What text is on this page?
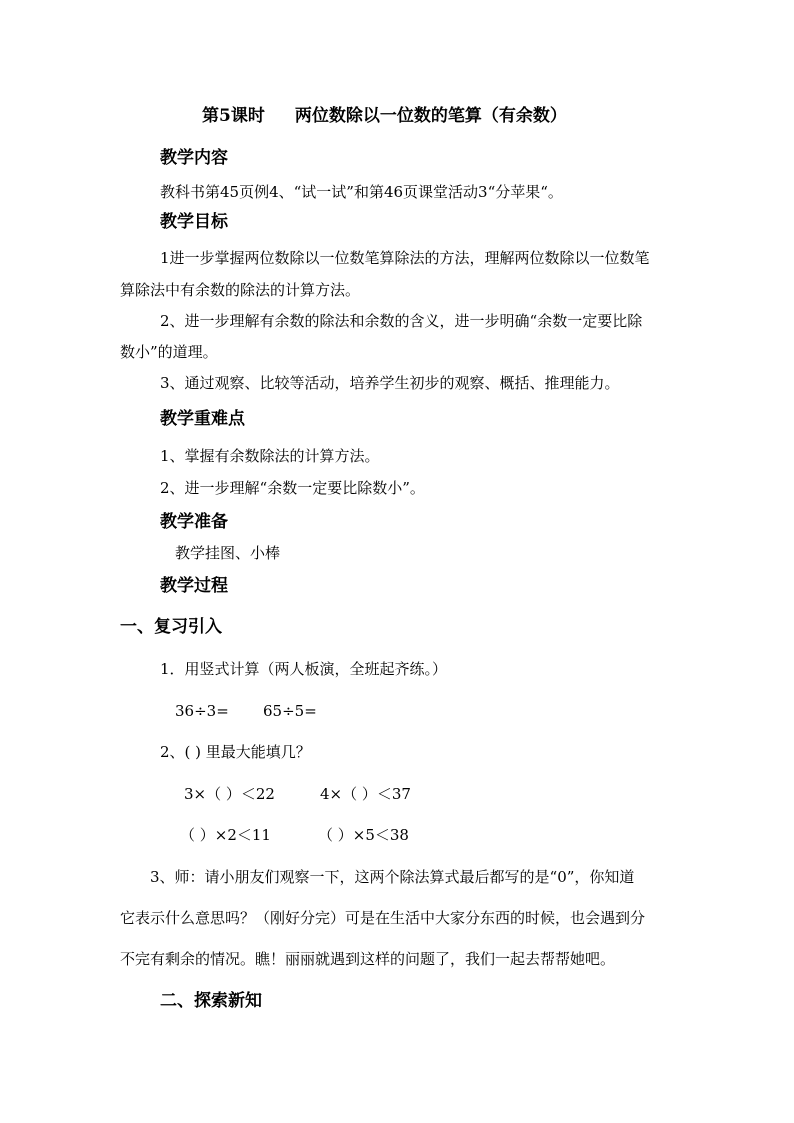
第5课时 两位数除以一位数的笔算（有余数）
教学内容
教科书第45页例4、“试一试”和第46页课堂活动3“分苹果“。
教学目标
1进一步掌握两位数除以一位数笔算除法的方法，理解两位数除以一位数笔
算除法中有余数的除法的计算方法。
2、进一步理解有余数的除法和余数的含义，进一步明确“余数一定要比除
数小”的道理。
3、通过观察、比较等活动，培养学生初步的观察、概括、推理能力。
教学重难点
1、掌握有余数除法的计算方法。
2、进一步理解“余数一定要比除数小”。
教学准备
教学挂图、小棒
教学过程
一、复习引入
1．用竖式计算（两人板演，全班起齐练。）
36÷3= 65÷5=
2、( ) 里最大能填几？
3×（ ）＜22	4×（ ）＜37
（ ）×2＜11	（ ）×5＜38
3、师：请小朋友们观察一下，这两个除法算式最后都写的是“0”，你知道
它表示什么意思吗？（刚好分完）可是在生活中大家分东西的时候，也会遇到分
不完有剩余的情况。瞧！丽丽就遇到这样的问题了，我们一起去帮帮她吧。
二、探索新知
